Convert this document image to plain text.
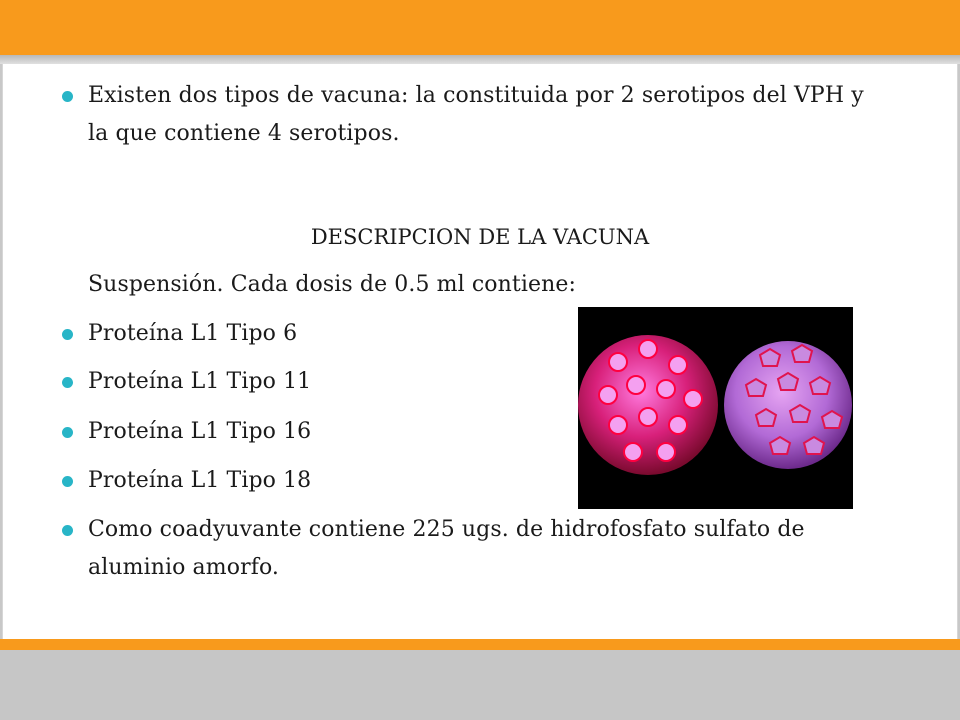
Existen dos tipos de vacuna: la constituida por 2 serotipos del VPH y la que contiene 4 serotipos.

DESCRIPCION DE LA VACUNA

Suspensión. Cada dosis de 0.5 ml contiene:

Proteína L1 Tipo 6

Proteína L1 Tipo 11

Proteína L1 Tipo 16

Proteína L1 Tipo 18

Como coadyuvante contiene 225 ugs. de hidrofosfato sulfato de aluminio amorfo.
